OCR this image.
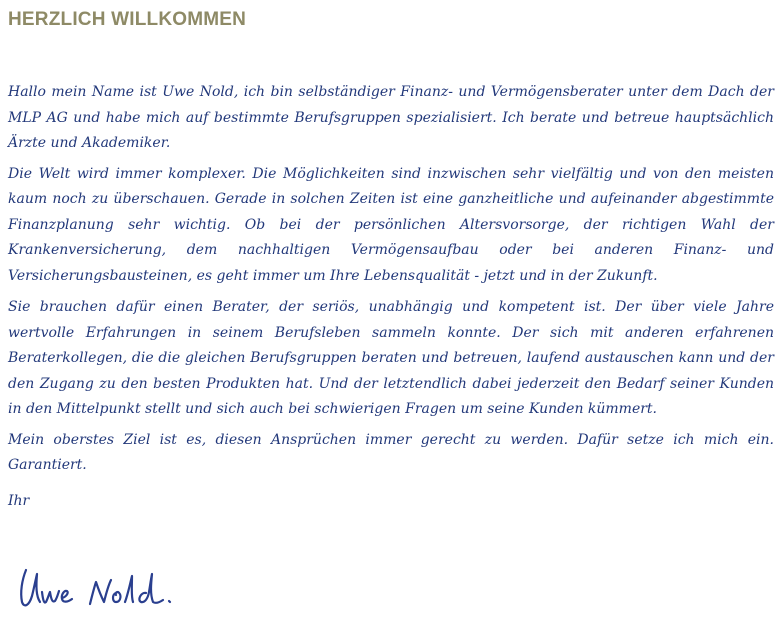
HERZLICH WILLKOMMEN

Hallo mein Name ist Uwe Nold, ich bin selbständiger Finanz- und Vermögensberater unter dem Dach der MLP AG und habe mich auf bestimmte Berufsgruppen spezialisiert. Ich berate und betreue hauptsächlich Ärzte und Akademiker.

Die Welt wird immer komplexer. Die Möglichkeiten sind inzwischen sehr vielfältig und von den meisten kaum noch zu überschauen. Gerade in solchen Zeiten ist eine ganzheitliche und aufeinander abgestimmte Finanzplanung sehr wichtig. Ob bei der persönlichen Altersvorsorge, der richtigen Wahl der Krankenversicherung, dem nachhaltigen Vermögensaufbau oder bei anderen Finanz- und Versicherungsbausteinen, es geht immer um Ihre Lebensqualität - jetzt und in der Zukunft.

Sie brauchen dafür einen Berater, der seriös, unabhängig und kompetent ist. Der über viele Jahre wertvolle Erfahrungen in seinem Berufsleben sammeln konnte. Der sich mit anderen erfahrenen Beraterkollegen, die die gleichen Berufsgruppen beraten und betreuen, laufend austauschen kann und der den Zugang zu den besten Produkten hat. Und der letztendlich dabei jederzeit den Bedarf seiner Kunden in den Mittelpunkt stellt und sich auch bei schwierigen Fragen um seine Kunden kümmert.

Mein oberstes Ziel ist es, diesen Ansprüchen immer gerecht zu werden. Dafür setze ich mich ein. Garantiert.

Ihr
